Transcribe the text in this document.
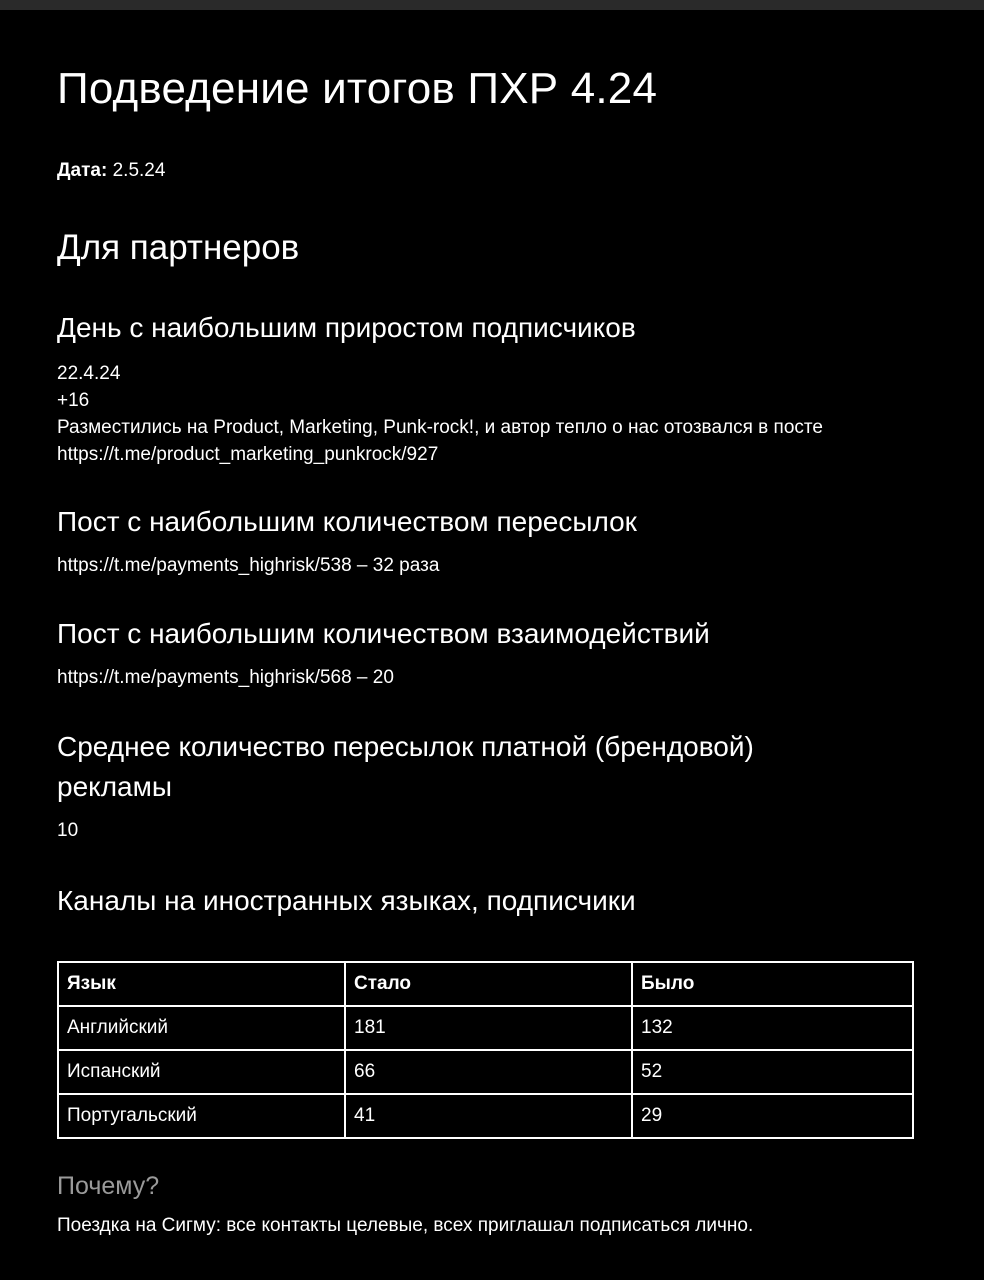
Подведение итогов ПХР 4.24
Дата: 2.5.24
Для партнеров
День с наибольшим приростом подписчиков
22.4.24
+16
Разместились на Product, Marketing, Punk-rock!, и автор тепло о нас отозвался в посте https://t.me/product_marketing_punkrock/927
Пост с наибольшим количеством пересылок
https://t.me/payments_highrisk/538 – 32 раза
Пост с наибольшим количеством взаимодействий
https://t.me/payments_highrisk/568 – 20
Среднее количество пересылок платной (брендовой) рекламы
10
Каналы на иностранных языках, подписчики
Язык	Стало	Было
Английский	181	132
Испанский	66	52
Португальский	41	29
Почему?
Поездка на Сигму: все контакты целевые, всех приглашал подписаться лично.
